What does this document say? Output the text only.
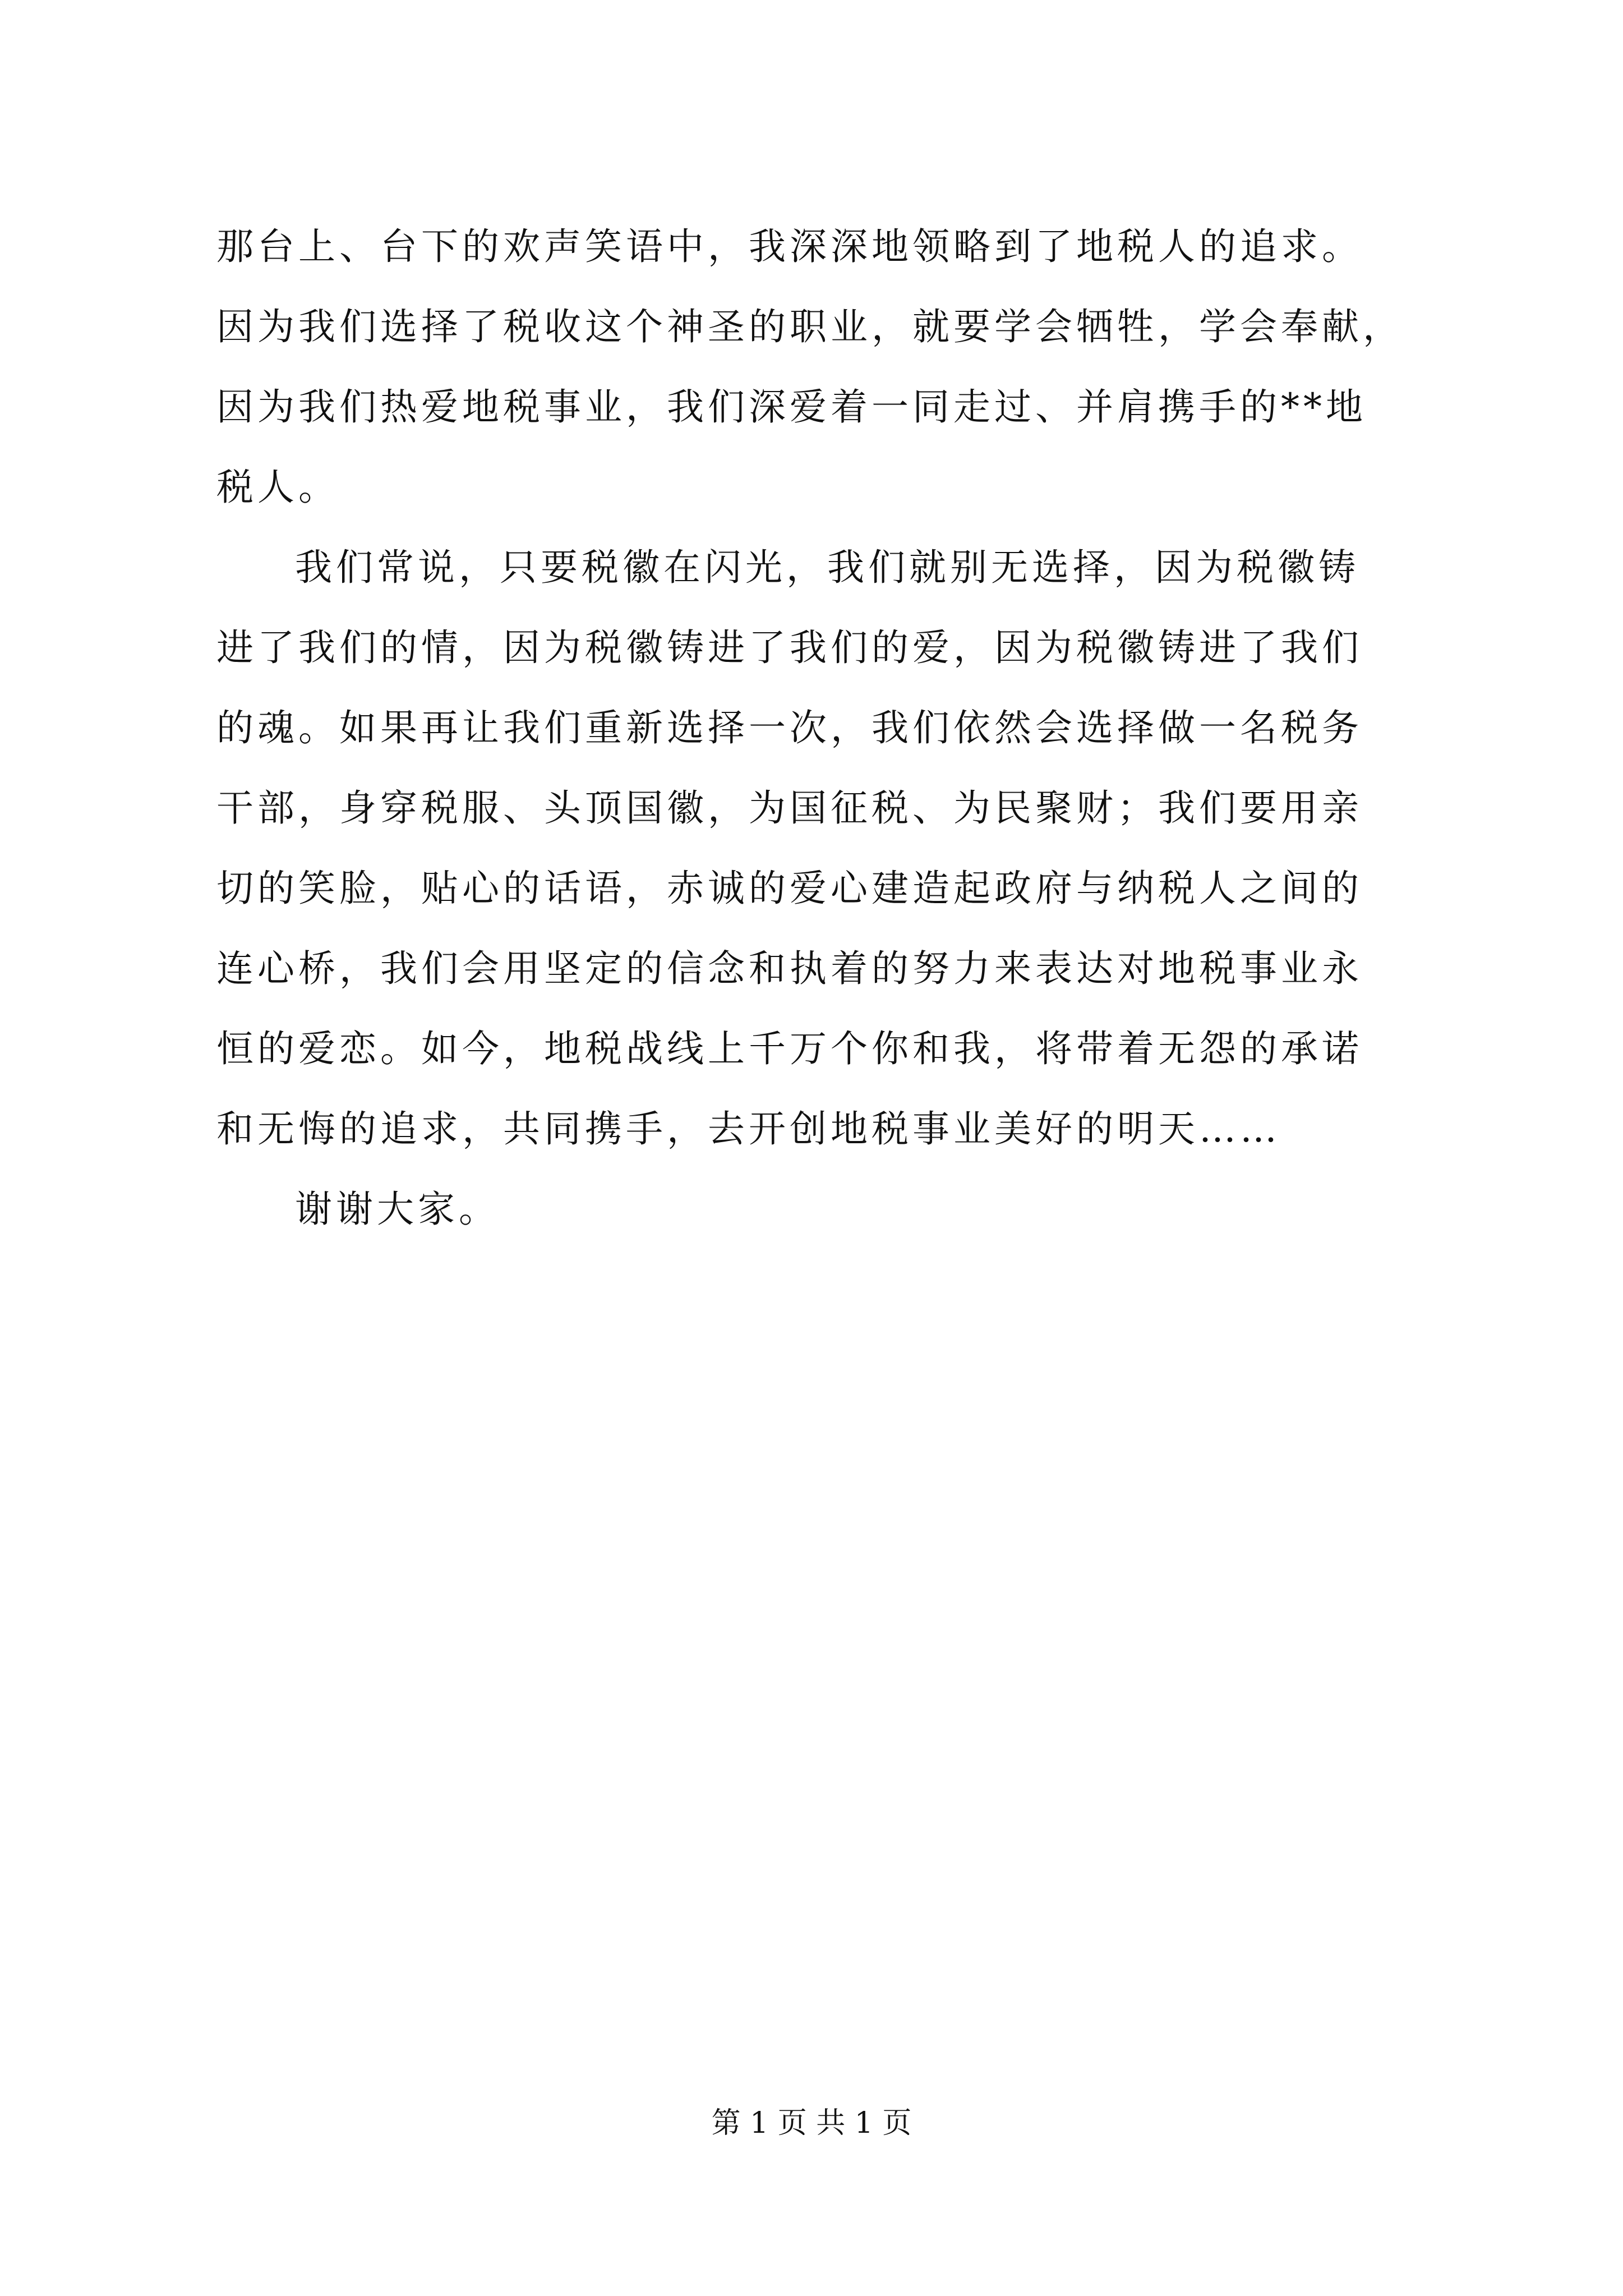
那台上、台下的欢声笑语中，我深深地领略到了地税人的追求。
因为我们选择了税收这个神圣的职业，就要学会牺牲，学会奉献，
因为我们热爱地税事业，我们深爱着一同走过、并肩携手的**地
税人。
我们常说，只要税徽在闪光，我们就别无选择，因为税徽铸
进了我们的情，因为税徽铸进了我们的爱，因为税徽铸进了我们
的魂。如果再让我们重新选择一次，我们依然会选择做一名税务
干部，身穿税服、头顶国徽，为国征税、为民聚财；我们要用亲
切的笑脸，贴心的话语，赤诚的爱心建造起政府与纳税人之间的
连心桥，我们会用坚定的信念和执着的努力来表达对地税事业永
恒的爱恋。如今，地税战线上千万个你和我，将带着无怨的承诺
和无悔的追求，共同携手，去开创地税事业美好的明天……
谢谢大家。
第 1 页 共 1 页
